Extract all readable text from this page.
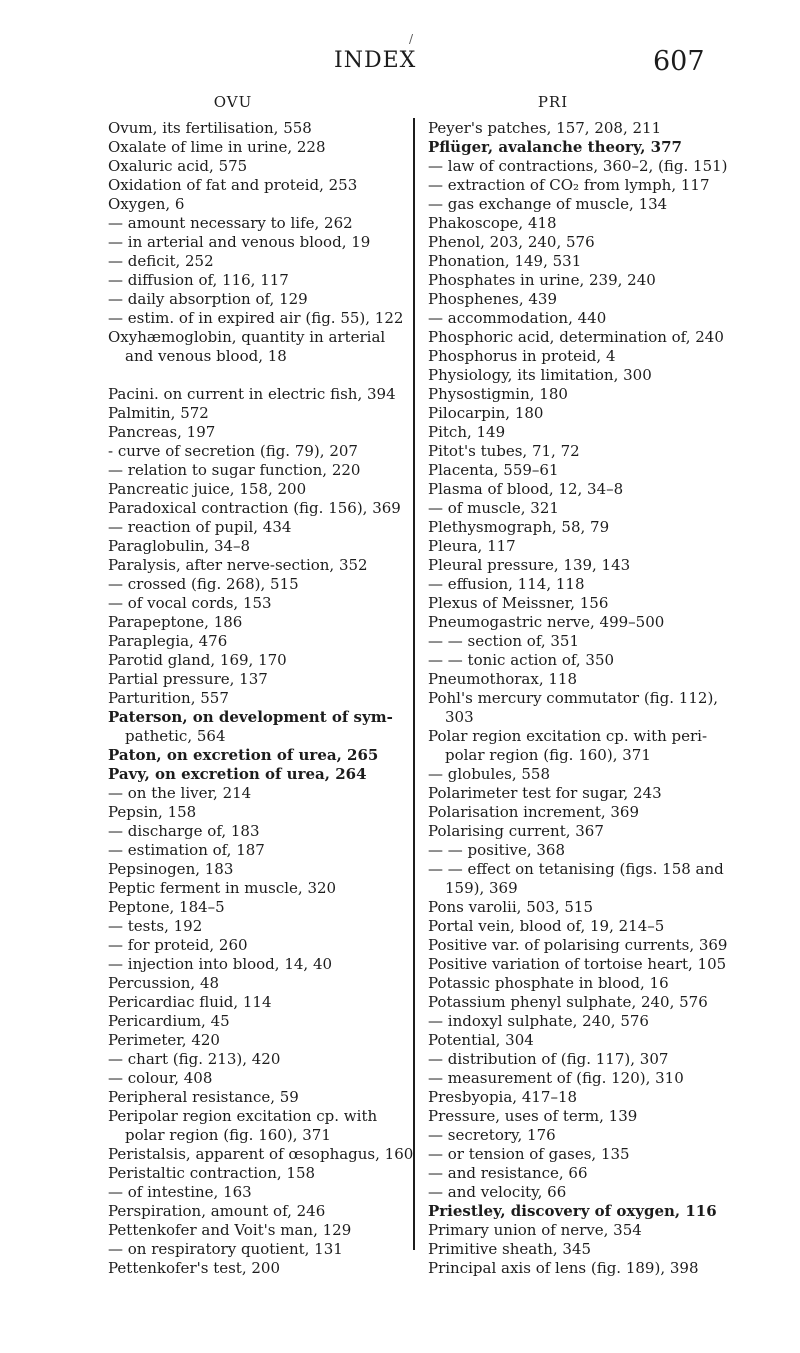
/
INDEX	607
OVU
Ovum, its fertilisation, 558
Oxalate of lime in urine, 228
Oxaluric acid, 575
Oxidation of fat and proteid, 253
Oxygen, 6
— amount necessary to life, 262
— in arterial and venous blood, 19
— deficit, 252
— diffusion of, 116, 117
— daily absorption of, 129
— estim. of in expired air (fig. 55), 122
Oxyhæmoglobin, quantity in arterial
and venous blood, 18
Pacini. on current in electric fish, 394
Palmitin, 572
Pancreas, 197
- curve of secretion (fig. 79), 207
— relation to sugar function, 220
Pancreatic juice, 158, 200
Paradoxical contraction (fig. 156), 369
— reaction of pupil, 434
Paraglobulin, 34–8
Paralysis, after nerve-section, 352
— crossed (fig. 268), 515
— of vocal cords, 153
Parapeptone, 186
Paraplegia, 476
Parotid gland, 169, 170
Partial pressure, 137
Parturition, 557
Paterson, on development of sym-
pathetic, 564
Paton, on excretion of urea, 265
Pavy, on excretion of urea, 264
— on the liver, 214
Pepsin, 158
— discharge of, 183
— estimation of, 187
Pepsinogen, 183
Peptic ferment in muscle, 320
Peptone, 184–5
— tests, 192
— for proteid, 260
— injection into blood, 14, 40
Percussion, 48
Pericardiac fluid, 114
Pericardium, 45
Perimeter, 420
— chart (fig. 213), 420
— colour, 408
Peripheral resistance, 59
Peripolar region excitation cp. with
polar region (fig. 160), 371
Peristalsis, apparent of œsophagus, 160
Peristaltic contraction, 158
— of intestine, 163
Perspiration, amount of, 246
Pettenkofer and Voit's man, 129
— on respiratory quotient, 131
Pettenkofer's test, 200
PRI
Peyer's patches, 157, 208, 211
Pflüger, avalanche theory, 377
— law of contractions, 360–2, (fig. 151)
— extraction of CO₂ from lymph, 117
— gas exchange of muscle, 134
Phakoscope, 418
Phenol, 203, 240, 576
Phonation, 149, 531
Phosphates in urine, 239, 240
Phosphenes, 439
— accommodation, 440
Phosphoric acid, determination of, 240
Phosphorus in proteid, 4
Physiology, its limitation, 300
Physostigmin, 180
Pilocarpin, 180
Pitch, 149
Pitot's tubes, 71, 72
Placenta, 559–61
Plasma of blood, 12, 34–8
— of muscle, 321
Plethysmograph, 58, 79
Pleura, 117
Pleural pressure, 139, 143
— effusion, 114, 118
Plexus of Meissner, 156
Pneumogastric nerve, 499–500
— — section of, 351
— — tonic action of, 350
Pneumothorax, 118
Pohl's mercury commutator (fig. 112),
303
Polar region excitation cp. with peri-
polar region (fig. 160), 371
— globules, 558
Polarimeter test for sugar, 243
Polarisation increment, 369
Polarising current, 367
— — positive, 368
— — effect on tetanising (figs. 158 and
159), 369
Pons varolii, 503, 515
Portal vein, blood of, 19, 214–5
Positive var. of polarising currents, 369
Positive variation of tortoise heart, 105
Potassic phosphate in blood, 16
Potassium phenyl sulphate, 240, 576
— indoxyl sulphate, 240, 576
Potential, 304
— distribution of (fig. 117), 307
— measurement of (fig. 120), 310
Presbyopia, 417–18
Pressure, uses of term, 139
— secretory, 176
— or tension of gases, 135
— and resistance, 66
— and velocity, 66
Priestley, discovery of oxygen, 116
Primary union of nerve, 354
Primitive sheath, 345
Principal axis of lens (fig. 189), 398
